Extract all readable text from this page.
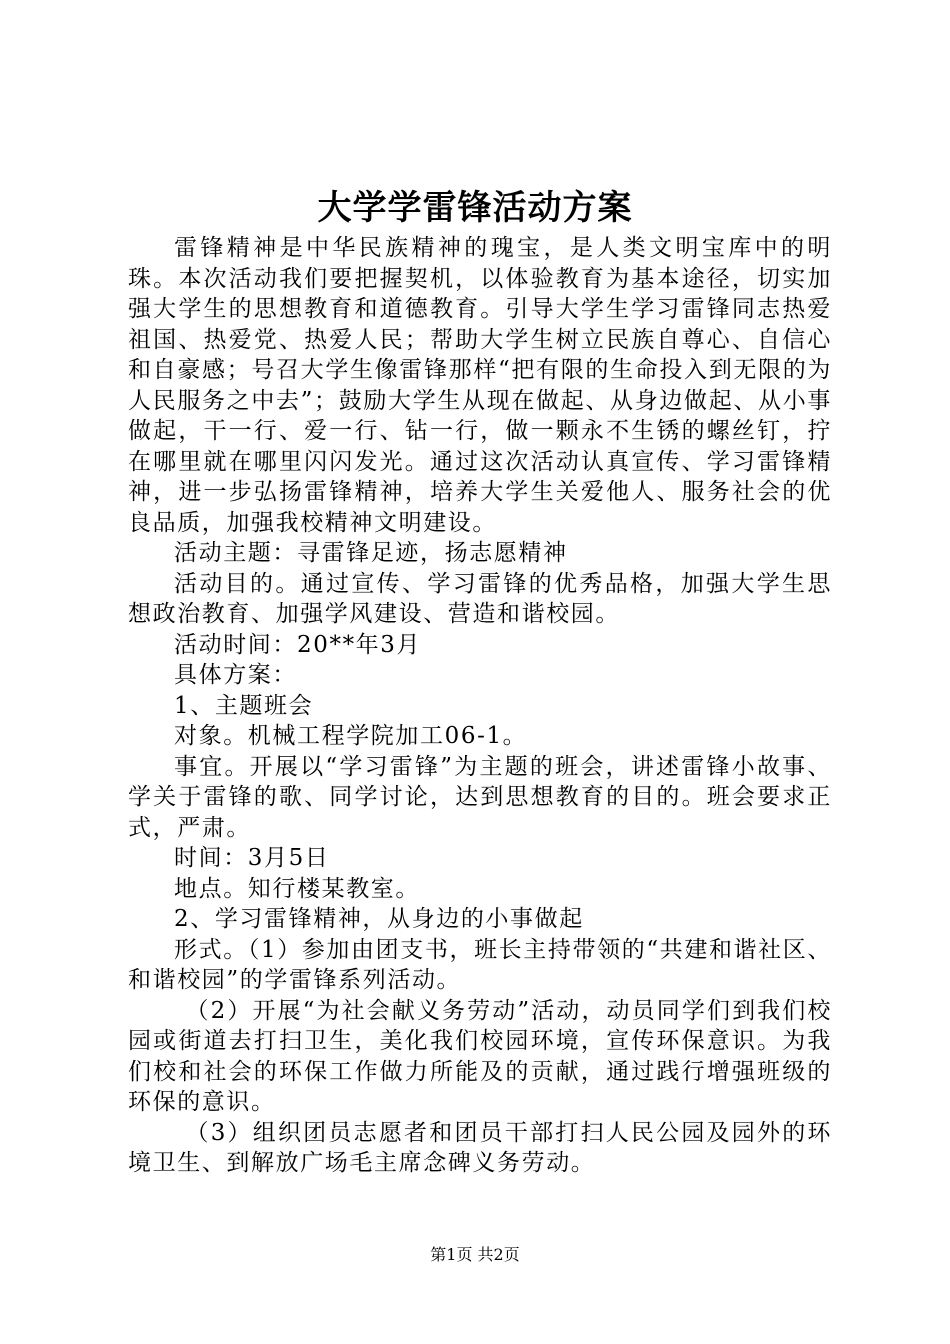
大学学雷锋活动方案

雷锋精神是中华民族精神的瑰宝，是人类文明宝库中的明珠。本次活动我们要把握契机，以体验教育为基本途径，切实加强大学生的思想教育和道德教育。引导大学生学习雷锋同志热爱祖国、热爱党、热爱人民；帮助大学生树立民族自尊心、自信心和自豪感；号召大学生像雷锋那样“把有限的生命投入到无限的为人民服务之中去”；鼓励大学生从现在做起、从身边做起、从小事做起，干一行、爱一行、钻一行，做一颗永不生锈的螺丝钉，拧在哪里就在哪里闪闪发光。通过这次活动认真宣传、学习雷锋精神，进一步弘扬雷锋精神，培养大学生关爱他人、服务社会的优良品质，加强我校精神文明建设。

活动主题：寻雷锋足迹，扬志愿精神

活动目的。通过宣传、学习雷锋的优秀品格，加强大学生思想政治教育、加强学风建设、营造和谐校园。

活动时间：20**年3月

具体方案：

1、主题班会

对象。机械工程学院加工06-1。

事宜。开展以“学习雷锋”为主题的班会，讲述雷锋小故事、学关于雷锋的歌、同学讨论，达到思想教育的目的。班会要求正式，严肃。

时间：3月5日

地点。知行楼某教室。

2、学习雷锋精神，从身边的小事做起

形式。（1）参加由团支书，班长主持带领的“共建和谐社区、和谐校园”的学雷锋系列活动。

（2）开展“为社会献义务劳动”活动，动员同学们到我们校园或街道去打扫卫生，美化我们校园环境，宣传环保意识。为我们校和社会的环保工作做力所能及的贡献，通过践行增强班级的环保的意识。

（3）组织团员志愿者和团员干部打扫人民公园及园外的环境卫生、到解放广场毛主席念碑义务劳动。

第1页 共2页
